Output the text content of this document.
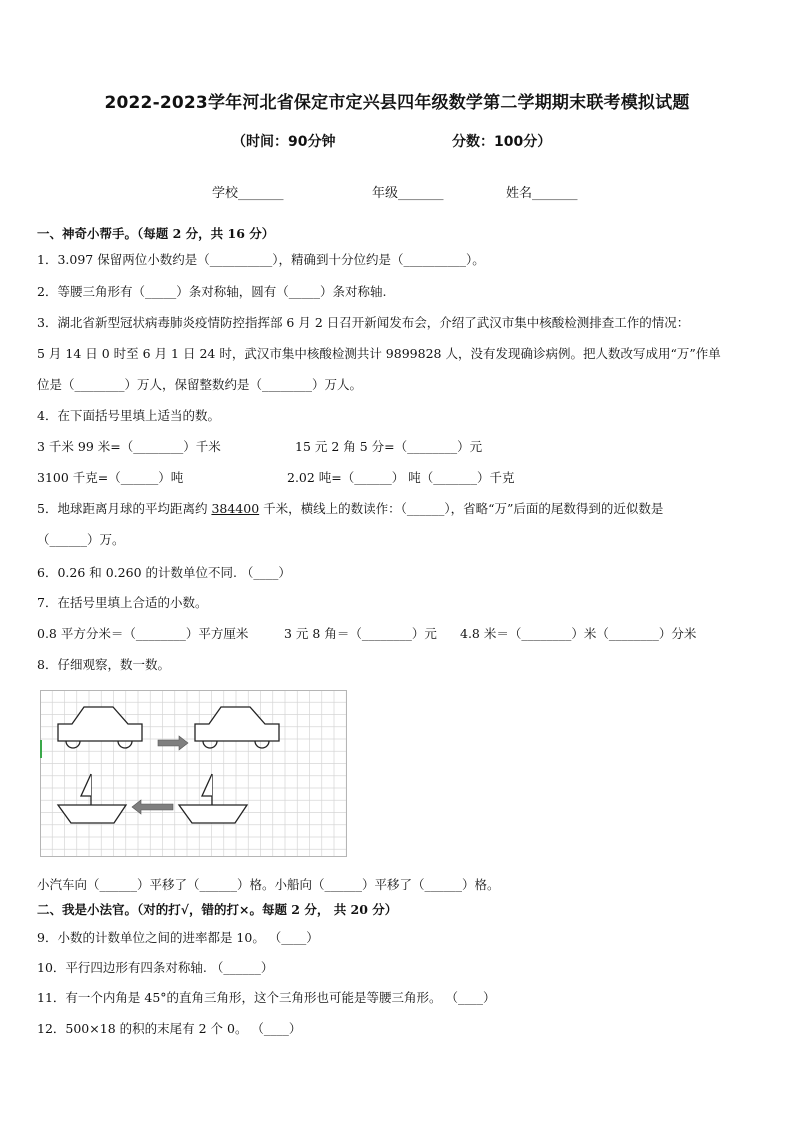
2022-2023学年河北省保定市定兴县四年级数学第二学期期末联考模拟试题
（时间：90分钟	分数：100分）
学校_______	年级_______	姓名_______
一、神奇小帮手。（每题 2 分，共 16 分）
1．3.097 保留两位小数约是（__________），精确到十分位约是（__________）。
2．等腰三角形有（_____）条对称轴，圆有（_____）条对称轴.
3．湖北省新型冠状病毒肺炎疫情防控指挥部 6 月 2 日召开新闻发布会，介绍了武汉市集中核酸检测排查工作的情况：
5 月 14 日 0 时至 6 月 1 日 24 时，武汉市集中核酸检测共计 9899828 人，没有发现确诊病例。把人数改写成用“万”作单
位是（________）万人，保留整数约是（________）万人。
4．在下面括号里填上适当的数。
3 千米 99 米=（________）千米	15 元 2 角 5 分=（________）元
3100 千克=（______）吨	2.02 吨=（______） 吨（_______）千克
5．地球距离月球的平均距离约 384400 千米，横线上的数读作：（______），省略“万”后面的尾数得到的近似数是
（______）万。
6．0.26 和 0.260 的计数单位不同. （____）
7．在括号里填上合适的小数。
0.8 平方分米＝（________）平方厘米	3 元 8 角＝（________）元 4.8 米＝（________）米（________）分米
8．仔细观察，数一数。
小汽车向（______）平移了（______）格。小船向（______）平移了（______）格。
二、我是小法官。（对的打√，错的打×。每题 2 分， 共 20 分）
9．小数的计数单位之间的进率都是 10。 （____）
10．平行四边形有四条对称轴. （______）
11．有一个内角是 45°的直角三角形，这个三角形也可能是等腰三角形。 （____）
12．500×18 的积的末尾有 2 个 0。 （____）
